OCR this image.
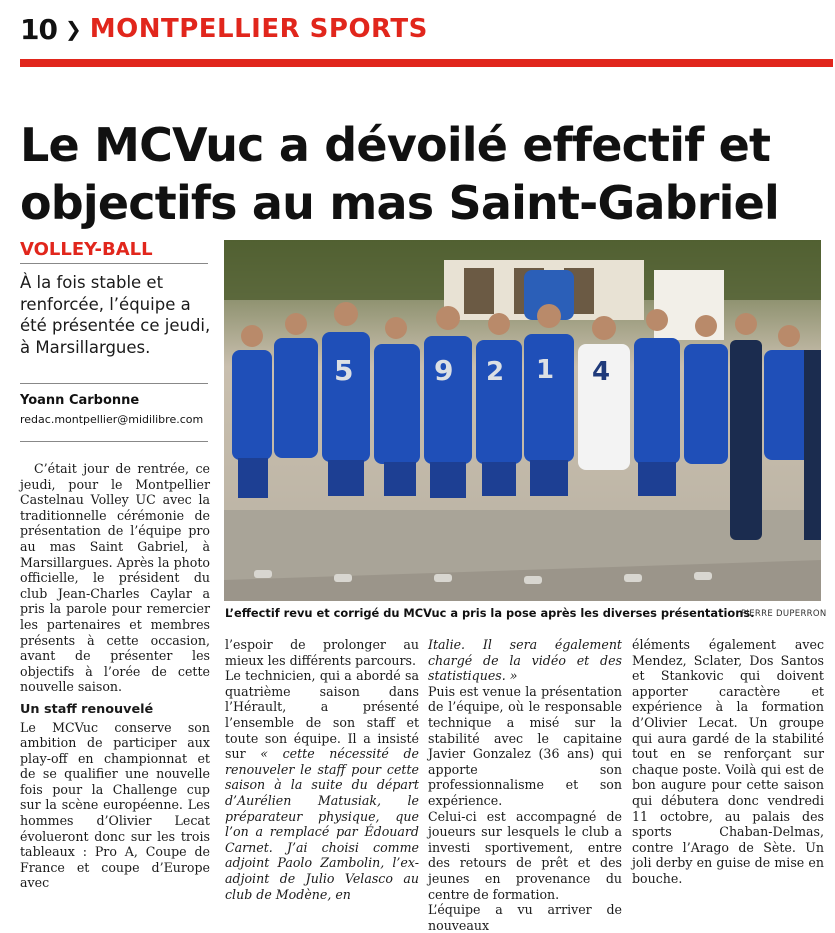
10 ❯ MONTPELLIER SPORTS
Le MCVuc a dévoilé effectif et
objectifs au mas Saint-Gabriel
VOLLEY-BALL

À la fois stable et renforcée, l’équipe a été présentée ce jeudi, à Marsillargues.

Yoann Carbonne
redac.montpellier@midilibre.com
5	9 2 1 4
L’effectif revu et corrigé du MCVuc a pris la pose après les diverses présentations.
PIERRE DUPERRON

C’était jour de rentrée, ce jeudi, pour le Montpellier Castelnau Volley UC avec la traditionnelle cérémonie de présentation de l’équipe pro au mas Saint Gabriel, à Marsillargues. Après la photo officielle, le président du club Jean-Charles Caylar a pris la parole pour remercier les partenaires et membres présents à cette occasion, avant de présenter les objectifs à l’orée de cette nouvelle saison.

Un staff renouvelé

Le MCVuc conserve son ambition de participer aux play-off en championnat et de se qualifier une nouvelle fois pour la Challenge cup sur la scène européenne. Les hommes d’Olivier Lecat évolueront donc sur les trois tableaux : Pro A, Coupe de France et coupe d’Europe avec

l’espoir de prolonger au mieux les différents parcours.

Le technicien, qui a abordé sa quatrième saison dans l’Hérault, a présenté l’ensemble de son staff et toute son équipe. Il a insisté sur « cette nécessité de renouveler le staff pour cette saison à la suite du départ d’Aurélien Matusiak, le préparateur physique, que l’on a remplacé par Édouard Carnet. J’ai choisi comme adjoint Paolo Zambolin, l’ex-adjoint de Julio Velasco au club de Modène, en

Italie. Il sera également chargé de la vidéo et des statistiques. »

Puis est venue la présentation de l’équipe, où le responsable technique a misé sur la stabilité avec le capitaine Javier Gonzalez (36 ans) qui apporte son professionnalisme et son expérience.

Celui-ci est accompagné de joueurs sur lesquels le club a investi sportivement, entre des retours de prêt et des jeunes en provenance du centre de formation.

L’équipe a vu arriver de nouveaux

éléments également avec Mendez, Sclater, Dos Santos et Stankovic qui doivent apporter caractère et expérience à la formation d’Olivier Lecat. Un groupe qui aura gardé de la stabilité tout en se renforçant sur chaque poste. Voilà qui est de bon augure pour cette saison qui débutera donc vendredi 11 octobre, au palais des sports Chaban-Delmas, contre l’Arago de Sète. Un joli derby en guise de mise en bouche.
